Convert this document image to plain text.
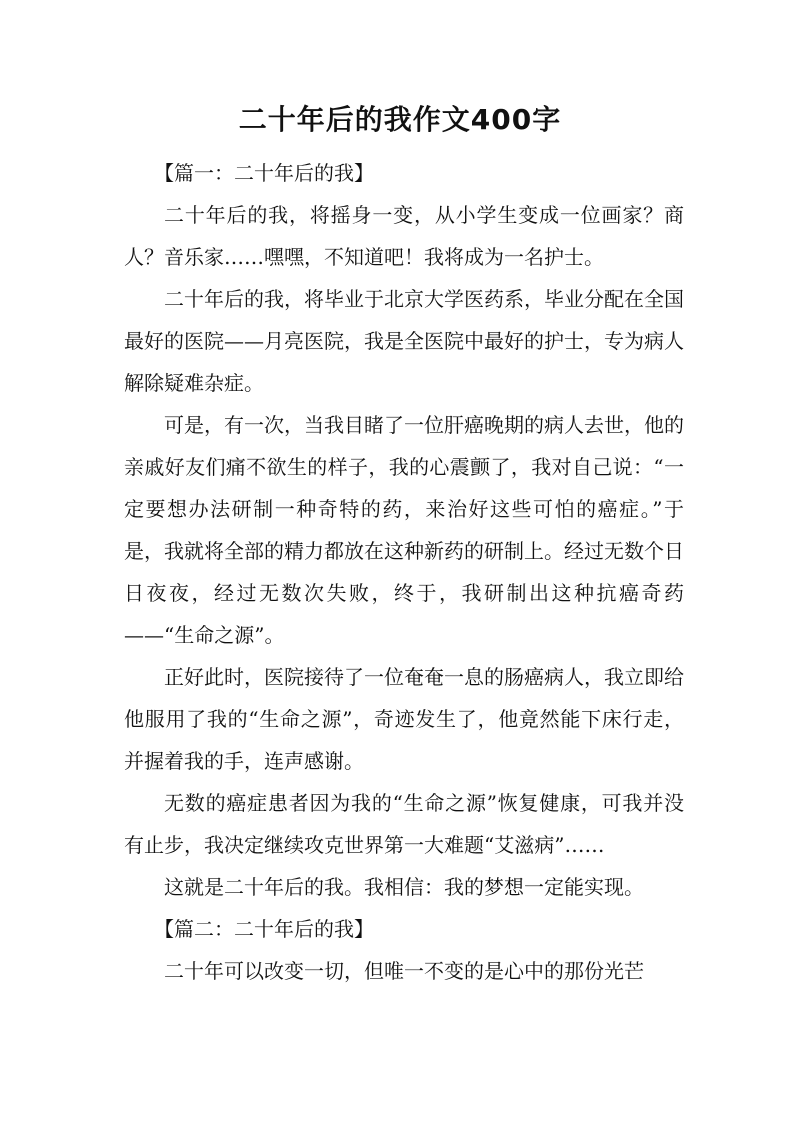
二十年后的我作文400字

【篇一：二十年后的我】

二十年后的我，将摇身一变，从小学生变成一位画家？商人？音乐家……嘿嘿，不知道吧！我将成为一名护士。

二十年后的我，将毕业于北京大学医药系，毕业分配在全国最好的医院——月亮医院，我是全医院中最好的护士，专为病人解除疑难杂症。

可是，有一次，当我目睹了一位肝癌晚期的病人去世，他的亲戚好友们痛不欲生的样子，我的心震颤了，我对自己说：“一定要想办法研制一种奇特的药，来治好这些可怕的癌症。”于是，我就将全部的精力都放在这种新药的研制上。经过无数个日日夜夜，经过无数次失败，终于，我研制出这种抗癌奇药——“生命之源”。

正好此时，医院接待了一位奄奄一息的肠癌病人，我立即给他服用了我的“生命之源”，奇迹发生了，他竟然能下床行走，并握着我的手，连声感谢。

无数的癌症患者因为我的“生命之源”恢复健康，可我并没有止步，我决定继续攻克世界第一大难题“艾滋病”……

这就是二十年后的我。我相信：我的梦想一定能实现。

【篇二：二十年后的我】

二十年可以改变一切，但唯一不变的是心中的那份光芒
